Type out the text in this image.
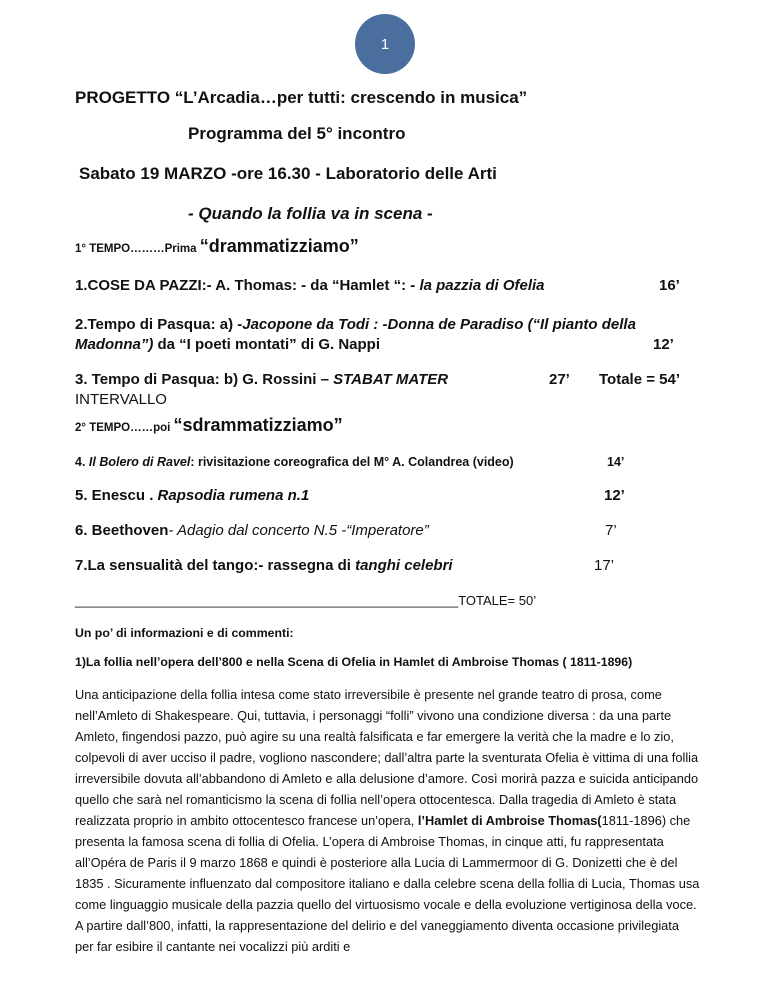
1
PROGETTO “L’Arcadia…per tutti: crescendo in musica”
Programma del 5° incontro
Sabato 19 MARZO -ore 16.30 - Laboratorio delle Arti
- Quando la follia va in scena -
1° TEMPO………Prima “drammatizziamo”
1.COSE DA PAZZI:- A. Thomas: - da “Hamlet “: - la pazzia di Ofelia	16’
2.Tempo di Pasqua: a) -Jacopone da Todi : -Donna de Paradiso (“Il pianto della
Madonna”) da “I poeti montati” di G. Nappi	12’
3. Tempo di Pasqua: b) G. Rossini – STABAT MATER	27’ Totale = 54’
INTERVALLO
2° TEMPO……poi “sdrammatizziamo”
4. Il Bolero di Ravel: rivisitazione coreografica del M° A. Colandrea (video)	14’
5. Enescu . Rapsodia rumena n.1	12’
6. Beethoven- Adagio dal concerto N.5 -“Imperatore”	7’
7.La sensualità del tango:- rassegna di tanghi celebri	17’
_____________________________________________________TOTALE= 50’
Un po’ di informazioni e di commenti:
1)La follia nell’opera dell’800 e nella Scena di Ofelia in Hamlet di Ambroise Thomas ( 1811-1896)

Una anticipazione della follia intesa come stato irreversibile è presente nel grande teatro di prosa, come nell’Amleto di Shakespeare. Qui, tuttavia, i personaggi “folli” vivono una condizione diversa : da una parte Amleto, fingendosi pazzo, può agire su una realtà falsificata e far emergere la verità che la madre e lo zio, colpevoli di aver ucciso il padre, vogliono nascondere; dall’altra parte la sventurata Ofelia è vittima di una follia irreversibile dovuta all’abbandono di Amleto e alla delusione d’amore. Così morirà pazza e suicida anticipando quello che sarà nel romanticismo la scena di follia nell’opera ottocentesca. Dalla tragedia di Amleto è stata realizzata proprio in ambito ottocentesco francese un’opera, l’Hamlet di Ambroise Thomas(1811-1896) che presenta la famosa scena di follia di Ofelia. L’opera di Ambroise Thomas, in cinque atti, fu rappresentata all’Opéra de Paris il 9 marzo 1868 e quindi è posteriore alla Lucia di Lammermoor di G. Donizetti che è del 1835 . Sicuramente influenzato dal compositore italiano e dalla celebre scena della follia di Lucia, Thomas usa come linguaggio musicale della pazzia quello del virtuosismo vocale e della evoluzione vertiginosa della voce. A partire dall’800, infatti, la rappresentazione del delirio e del vaneggiamento diventa occasione privilegiata per far esibire il cantante nei vocalizzi più arditi e
